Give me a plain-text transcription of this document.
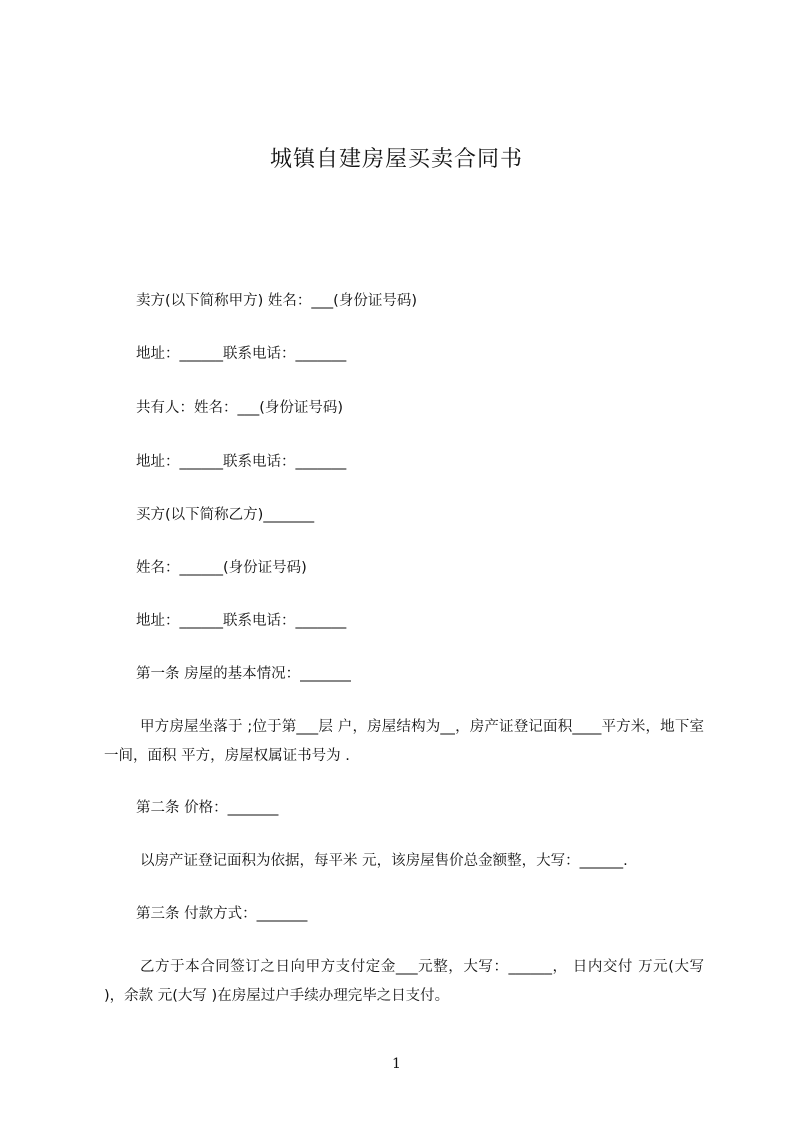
城镇自建房屋买卖合同书
卖方(以下简称甲方) 姓名：___(身份证号码)
地址：______联系电话：_______
共有人：姓名：___(身份证号码)
地址：______联系电话：_______
买方(以下简称乙方)_______
姓名：______(身份证号码)
地址：______联系电话：_______
第一条 房屋的基本情况：_______
甲方房屋坐落于 ;位于第___层 户，房屋结构为__，房产证登记面积____平方米，地下室一间，面积 平方，房屋权属证书号为 .
第二条 价格：_______
以房产证登记面积为依据，每平米 元，该房屋售价总金额整，大写：______.
第三条 付款方式：_______
乙方于本合同签订之日向甲方支付定金___元整，大写：______， 日内交付 万元(大写 )，余款 元(大写 )在房屋过户手续办理完毕之日支付。
1
